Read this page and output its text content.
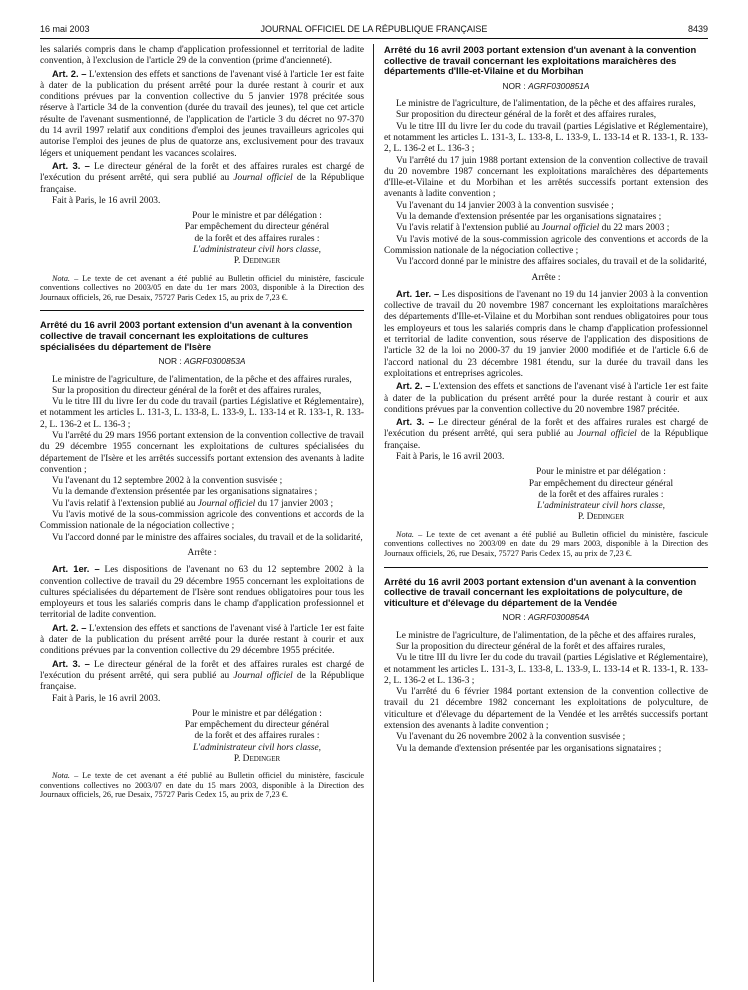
16 mai 2003	JOURNAL OFFICIEL DE LA RÉPUBLIQUE FRANÇAISE	8439

les salariés compris dans le champ d'application professionnel et territorial de ladite convention, à l'exclusion de l'article 29 de la convention (prime d'ancienneté).

Art. 2. – L'extension des effets et sanctions de l'avenant visé à l'article 1er est faite à dater de la publication du présent arrêté pour la durée restant à courir et aux conditions prévues par la convention collective du 5 janvier 1978 précitée sous réserve à l'article 34 de la convention (durée du travail des jeunes), tel que cet article résulte de l'avenant susmentionné, de l'application de l'article 3 du décret no 97-370 du 14 avril 1997 relatif aux conditions d'emploi des jeunes travailleurs agricoles qui autorise l'emploi des jeunes de plus de quatorze ans, exclusivement pour des travaux légers et uniquement pendant les vacances scolaires.

Art. 3. – Le directeur général de la forêt et des affaires rurales est chargé de l'exécution du présent arrêté, qui sera publié au Journal officiel de la République française.

Fait à Paris, le 16 avril 2003.

Pour le ministre et par délégation :
Par empêchement du directeur général
de la forêt et des affaires rurales :
L'administrateur civil hors classe,
P. Dedinger

Nota. – Le texte de cet avenant a été publié au Bulletin officiel du ministère, fascicule conventions collectives no 2003/05 en date du 1er mars 2003, disponible à la Direction des Journaux officiels, 26, rue Desaix, 75727 Paris Cedex 15, au prix de 7,23 €.

Arrêté du 16 avril 2003 portant extension d'un avenant à la convention collective de travail concernant les exploitations de cultures spécialisées du département de l'Isère

NOR : AGRF0300853A

Le ministre de l'agriculture, de l'alimentation, de la pêche et des affaires rurales,

Sur la proposition du directeur général de la forêt et des affaires rurales,

Vu le titre III du livre Ier du code du travail (parties Législative et Réglementaire), et notamment les articles L. 131-3, L. 133-8, L. 133-9, L. 133-14 et R. 133-1, R. 133-2, L. 136-2 et L. 136-3 ;

Vu l'arrêté du 29 mars 1956 portant extension de la convention collective de travail du 29 décembre 1955 concernant les exploitations de cultures spécialisées du département de l'Isère et les arrêtés successifs portant extension des avenants à ladite convention ;

Vu l'avenant du 12 septembre 2002 à la convention susvisée ;

Vu la demande d'extension présentée par les organisations signataires ;

Vu l'avis relatif à l'extension publié au Journal officiel du 17 janvier 2003 ;

Vu l'avis motivé de la sous-commission agricole des conventions et accords de la Commission nationale de la négociation collective ;

Vu l'accord donné par le ministre des affaires sociales, du travail et de la solidarité,

Arrête :

Art. 1er. – Les dispositions de l'avenant no 63 du 12 septembre 2002 à la convention collective de travail du 29 décembre 1955 concernant les exploitations de cultures spécialisées du département de l'Isère sont rendues obligatoires pour tous les employeurs et tous les salariés compris dans le champ d'application professionnel et territorial de ladite convention.

Art. 2. – L'extension des effets et sanctions de l'avenant visé à l'article 1er est faite à dater de la publication du présent arrêté pour la durée restant à courir et aux conditions prévues par la convention collective du 29 décembre 1955 précitée.

Art. 3. – Le directeur général de la forêt et des affaires rurales est chargé de l'exécution du présent arrêté, qui sera publié au Journal officiel de la République française.

Fait à Paris, le 16 avril 2003.

Pour le ministre et par délégation :
Par empêchement du directeur général
de la forêt et des affaires rurales :
L'administrateur civil hors classe,
P. Dedinger

Nota. – Le texte de cet avenant a été publié au Bulletin officiel du ministère, fascicule conventions collectives no 2003/07 en date du 15 mars 2003, disponible à la Direction des Journaux officiels, 26, rue Desaix, 75727 Paris Cedex 15, au prix de 7,23 €.

Arrêté du 16 avril 2003 portant extension d'un avenant à la convention collective de travail concernant les exploitations maraîchères des départements d'Ille-et-Vilaine et du Morbihan

NOR : AGRF0300851A

Le ministre de l'agriculture, de l'alimentation, de la pêche et des affaires rurales,

Sur proposition du directeur général de la forêt et des affaires rurales,

Vu le titre III du livre Ier du code du travail (parties Législative et Réglementaire), et notamment les articles L. 131-3, L. 133-8, L. 133-9, L. 133-14 et R. 133-1, R. 133-2, L. 136-2 et L. 136-3 ;

Vu l'arrêté du 17 juin 1988 portant extension de la convention collective de travail du 20 novembre 1987 concernant les exploitations maraîchères des départements d'Ille-et-Vilaine et du Morbihan et les arrêtés successifs portant extension des avenants à ladite convention ;

Vu l'avenant du 14 janvier 2003 à la convention susvisée ;

Vu la demande d'extension présentée par les organisations signataires ;

Vu l'avis relatif à l'extension publié au Journal officiel du 22 mars 2003 ;

Vu l'avis motivé de la sous-commission agricole des conventions et accords de la Commission nationale de la négociation collective ;

Vu l'accord donné par le ministre des affaires sociales, du travail et de la solidarité,

Arrête :

Art. 1er. – Les dispositions de l'avenant no 19 du 14 janvier 2003 à la convention collective de travail du 20 novembre 1987 concernant les exploitations maraîchères des départements d'Ille-et-Vilaine et du Morbihan sont rendues obligatoires pour tous les employeurs et tous les salariés compris dans le champ d'application professionnel et territorial de ladite convention, sous réserve de l'application des dispositions de l'article 32 de la loi no 2000-37 du 19 janvier 2000 modifiée et de l'article 6.6 de l'accord national du 23 décembre 1981 étendu, sur la durée du travail dans les exploitations et entreprises agricoles.

Art. 2. – L'extension des effets et sanctions de l'avenant visé à l'article 1er est faite à dater de la publication du présent arrêté pour la durée restant à courir et aux conditions prévues par la convention collective du 20 novembre 1987 précitée.

Art. 3. – Le directeur général de la forêt et des affaires rurales est chargé de l'exécution du présent arrêté, qui sera publié au Journal officiel de la République française.

Fait à Paris, le 16 avril 2003.

Pour le ministre et par délégation :
Par empêchement du directeur général
de la forêt et des affaires rurales :
L'administrateur civil hors classe,
P. Dedinger

Nota. – Le texte de cet avenant a été publié au Bulletin officiel du ministère, fascicule conventions collectives no 2003/09 en date du 29 mars 2003, disponible à la Direction des Journaux officiels, 26, rue Desaix, 75727 Paris Cedex 15, au prix de 7,23 €.

Arrêté du 16 avril 2003 portant extension d'un avenant à la convention collective de travail concernant les exploitations de polyculture, de viticulture et d'élevage du département de la Vendée

NOR : AGRF0300854A

Le ministre de l'agriculture, de l'alimentation, de la pêche et des affaires rurales,

Sur la proposition du directeur général de la forêt et des affaires rurales,

Vu le titre III du livre Ier du code du travail (parties Législative et Réglementaire), et notamment les articles L. 131-3, L. 133-8, L. 133-9, L. 133-14 et R. 133-1, R. 133-2, L. 136-2 et L. 136-3 ;

Vu l'arrêté du 6 février 1984 portant extension de la convention collective de travail du 21 décembre 1982 concernant les exploitations de polyculture, de viticulture et d'élevage du département de la Vendée et les arrêtés successifs portant extension des avenants à ladite convention ;

Vu l'avenant du 26 novembre 2002 à la convention susvisée ;

Vu la demande d'extension présentée par les organisations signataires ;
